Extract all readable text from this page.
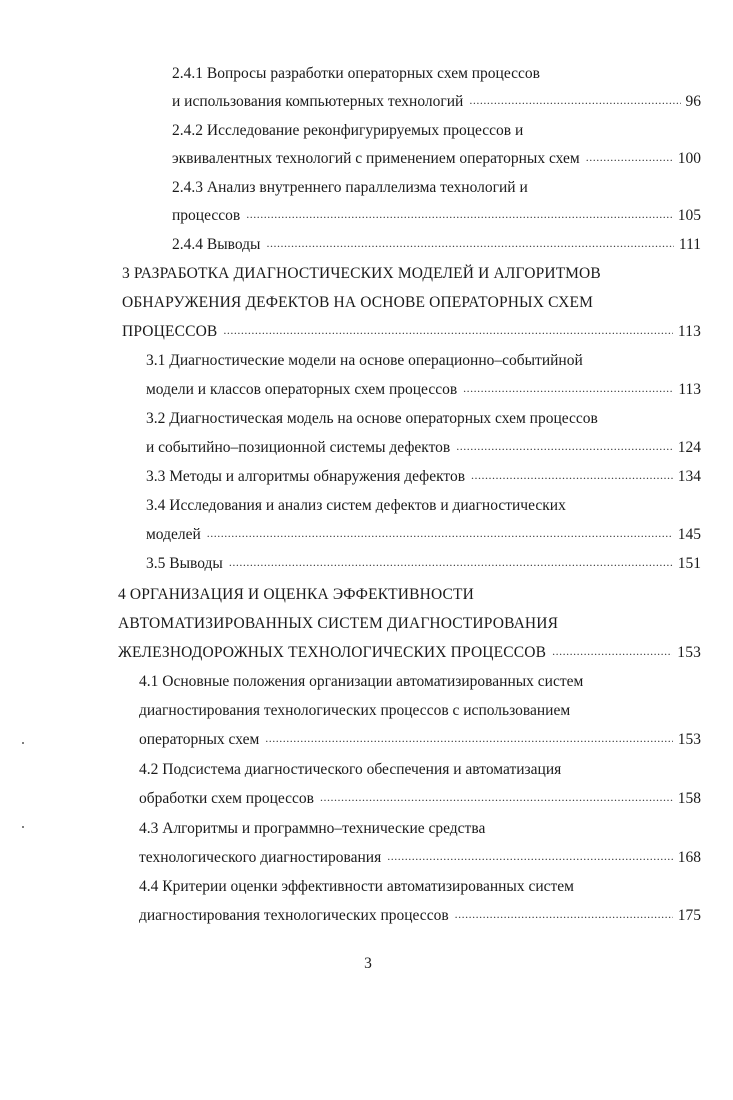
2.4.1 Вопросы разработки операторных схем процессов
и использования компьютерных технологий .....	96
2.4.2 Исследование реконфигурируемых процессов и
эквивалентных технологий с применением операторных схем .....	100
2.4.3 Анализ внутреннего параллелизма технологий и
процессов .....	105
2.4.4 Выводы .....	111
3 РАЗРАБОТКА ДИАГНОСТИЧЕСКИХ МОДЕЛЕЙ И АЛГОРИТМОВ
ОБНАРУЖЕНИЯ ДЕФЕКТОВ НА ОСНОВЕ ОПЕРАТОРНЫХ СХЕМ
ПРОЦЕССОВ .....	113
3.1 Диагностические модели на основе операционно–событийной
модели и классов операторных схем процессов .....	113
3.2 Диагностическая модель на основе операторных схем процессов
и событийно–позиционной системы дефектов .....	124
3.3 Методы и алгоритмы обнаружения дефектов .....	134
3.4 Исследования и анализ систем дефектов и диагностических
моделей .....	145
3.5 Выводы .....	151
4 ОРГАНИЗАЦИЯ И ОЦЕНКА ЭФФЕКТИВНОСТИ
АВТОМАТИЗИРОВАННЫХ СИСТЕМ ДИАГНОСТИРОВАНИЯ
ЖЕЛЕЗНОДОРОЖНЫХ ТЕХНОЛОГИЧЕСКИХ ПРОЦЕССОВ .....	153
4.1 Основные положения организации автоматизированных систем
диагностирования технологических процессов с использованием
операторных схем .....	153
4.2 Подсистема диагностического обеспечения и автоматизация
обработки схем процессов .....	158
4.3 Алгоритмы и программно–технические средства
технологического диагностирования .....	168
4.4 Критерии оценки эффективности автоматизированных систем
диагностирования технологических процессов .....	175
3
